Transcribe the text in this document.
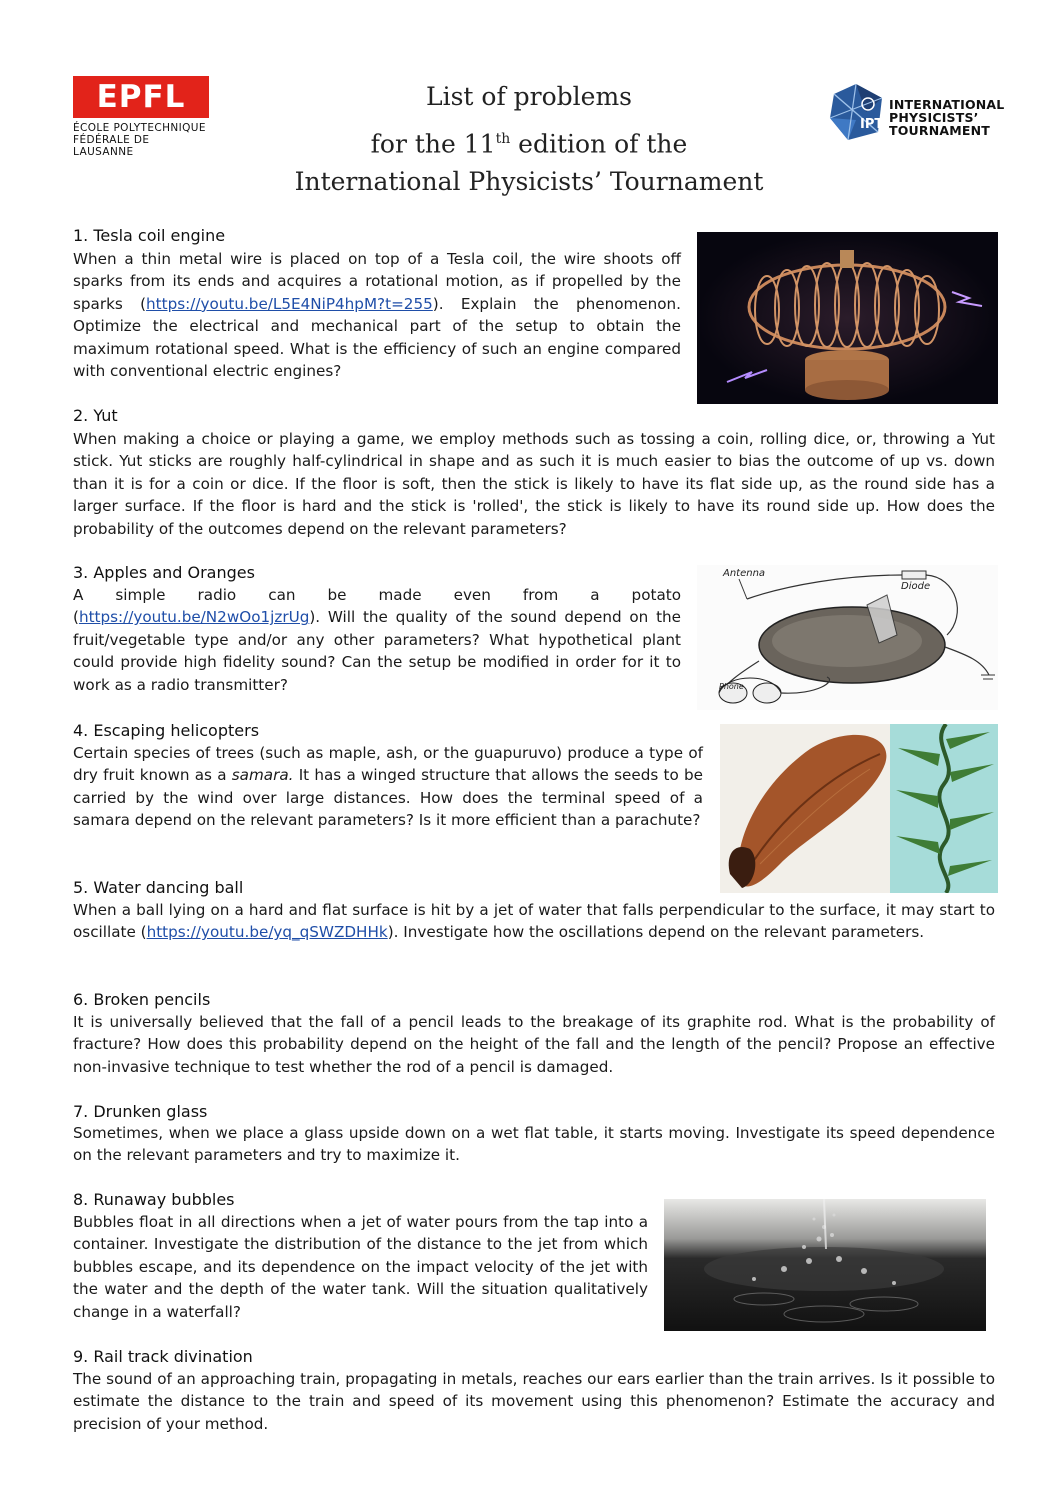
EPFL
ÉCOLE POLYTECHNIQUE
FÉDÉRALE DE LAUSANNE
List of problems
for the 11th edition of the
International Physicists’ Tournament
IPT
INTERNATIONAL
PHYSICISTS’
TOURNAMENT
1. Tesla coil engine
When a thin metal wire is placed on top of a Tesla coil, the wire shoots off sparks from its ends and acquires a rotational motion, as if propelled by the sparks (https://youtu.be/L5E4NiP4hpM?t=255). Explain the phenomenon. Optimize the electrical and mechanical part of the setup to obtain the maximum rotational speed. What is the efficiency of such an engine compared with conventional electric engines?
2. Yut
When making a choice or playing a game, we employ methods such as tossing a coin, rolling dice, or, throwing a Yut stick. Yut sticks are roughly half-cylindrical in shape and as such it is much easier to bias the outcome of up vs. down than it is for a coin or dice. If the floor is soft, then the stick is likely to have its flat side up, as the round side has a larger surface. If the floor is hard and the stick is 'rolled', the stick is likely to have its round side up. How does the probability of the outcomes depend on the relevant parameters?
3. Apples and Oranges
A simple radio can be made even from a potato (https://youtu.be/N2wOo1jzrUg). Will the quality of the sound depend on the fruit/vegetable type and/or any other parameters? What hypothetical plant could provide high fidelity sound? Can the setup be modified in order for it to work as a radio transmitter?
Antenna
Diode
Phone
4. Escaping helicopters
Certain species of trees (such as maple, ash, or the guapuruvo) produce a type of dry fruit known as a samara. It has a winged structure that allows the seeds to be carried by the wind over large distances. How does the terminal speed of a samara depend on the relevant parameters? Is it more efficient than a parachute?
5. Water dancing ball
When a ball lying on a hard and flat surface is hit by a jet of water that falls perpendicular to the surface, it may start to oscillate (https://youtu.be/yq_qSWZDHHk). Investigate how the oscillations depend on the relevant parameters.
6. Broken pencils
It is universally believed that the fall of a pencil leads to the breakage of its graphite rod. What is the probability of fracture? How does this probability depend on the height of the fall and the length of the pencil? Propose an effective non-invasive technique to test whether the rod of a pencil is damaged.
7. Drunken glass
Sometimes, when we place a glass upside down on a wet flat table, it starts moving. Investigate its speed dependence on the relevant parameters and try to maximize it.
8. Runaway bubbles
Bubbles float in all directions when a jet of water pours from the tap into a container. Investigate the distribution of the distance to the jet from which bubbles escape, and its dependence on the impact velocity of the jet with the water and the depth of the water tank. Will the situation qualitatively change in a waterfall?
9. Rail track divination
The sound of an approaching train, propagating in metals, reaches our ears earlier than the train arrives. Is it possible to estimate the distance to the train and speed of its movement using this phenomenon? Estimate the accuracy and precision of your method.
